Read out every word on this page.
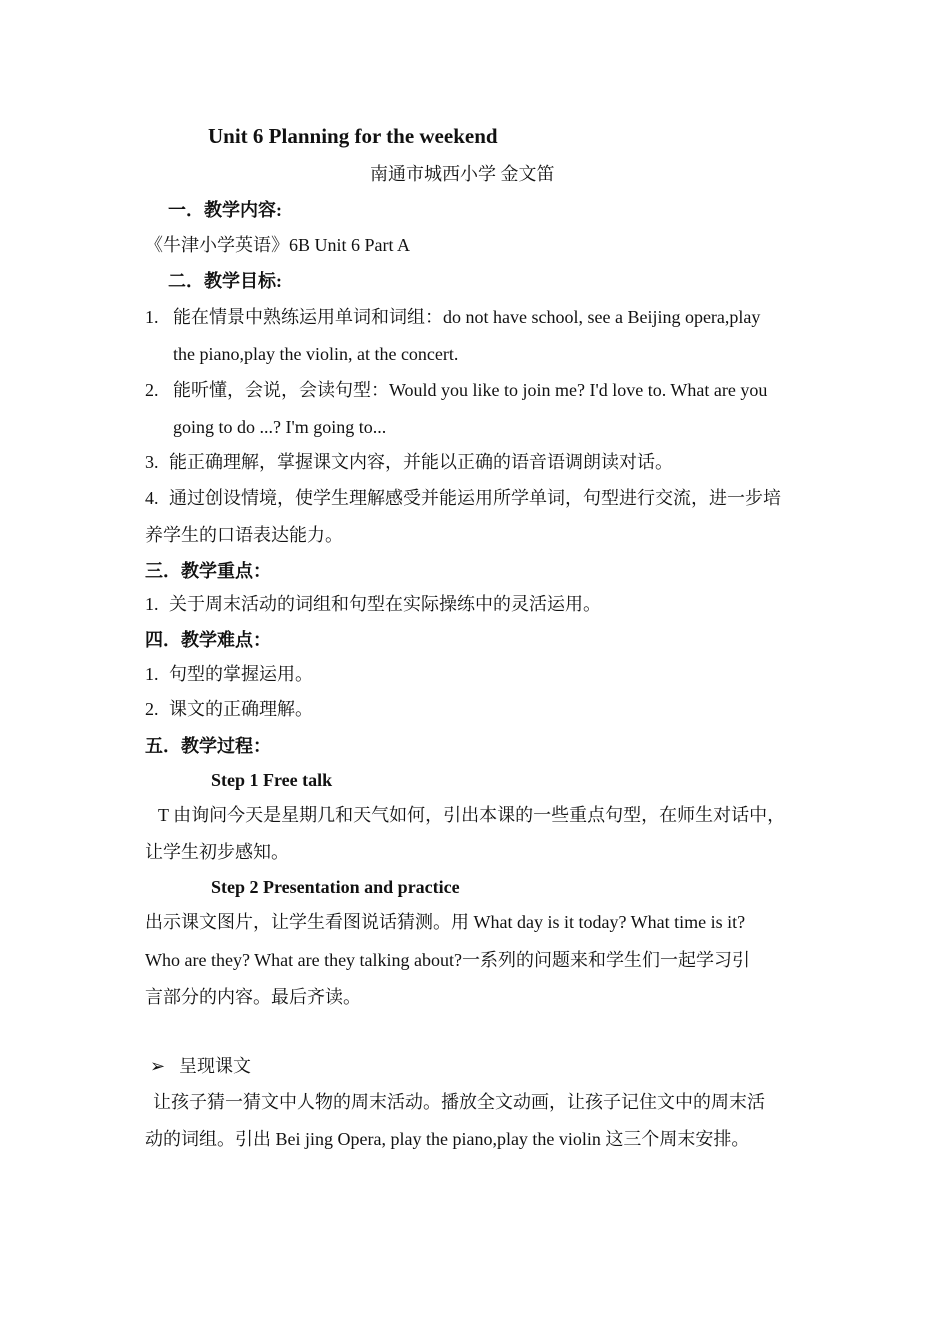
Unit 6 Planning for the weekend
南通市城西小学 金文笛
一．教学内容:
《牛津小学英语》6B Unit 6 Part A
二．教学目标:
1. 能在情景中熟练运用单词和词组：do not have school, see a Beijing opera,play
the piano,play the violin, at the concert.
2. 能听懂，会说，会读句型：Would you like to join me? I'd love to. What are you
going to do ...? I'm going to...
3. 能正确理解，掌握课文内容，并能以正确的语音语调朗读对话。
4. 通过创设情境，使学生理解感受并能运用所学单词，句型进行交流，进一步培
养学生的口语表达能力。
三．教学重点：
1. 关于周末活动的词组和句型在实际操练中的灵活运用。
四．教学难点：
1. 句型的掌握运用。
2. 课文的正确理解。
五．教学过程：
Step 1 Free talk
T 由询问今天是星期几和天气如何，引出本课的一些重点句型，在师生对话中，
让学生初步感知。
Step 2 Presentation and practice
出示课文图片，让学生看图说话猜测。用 What day is it today? What time is it?
Who are they? What are they talking about?一系列的问题来和学生们一起学习引
言部分的内容。最后齐读。
➢ 呈现课文
让孩子猜一猜文中人物的周末活动。播放全文动画，让孩子记住文中的周末活
动的词组。引出 Bei jing Opera, play the piano,play the violin 这三个周末安排。
